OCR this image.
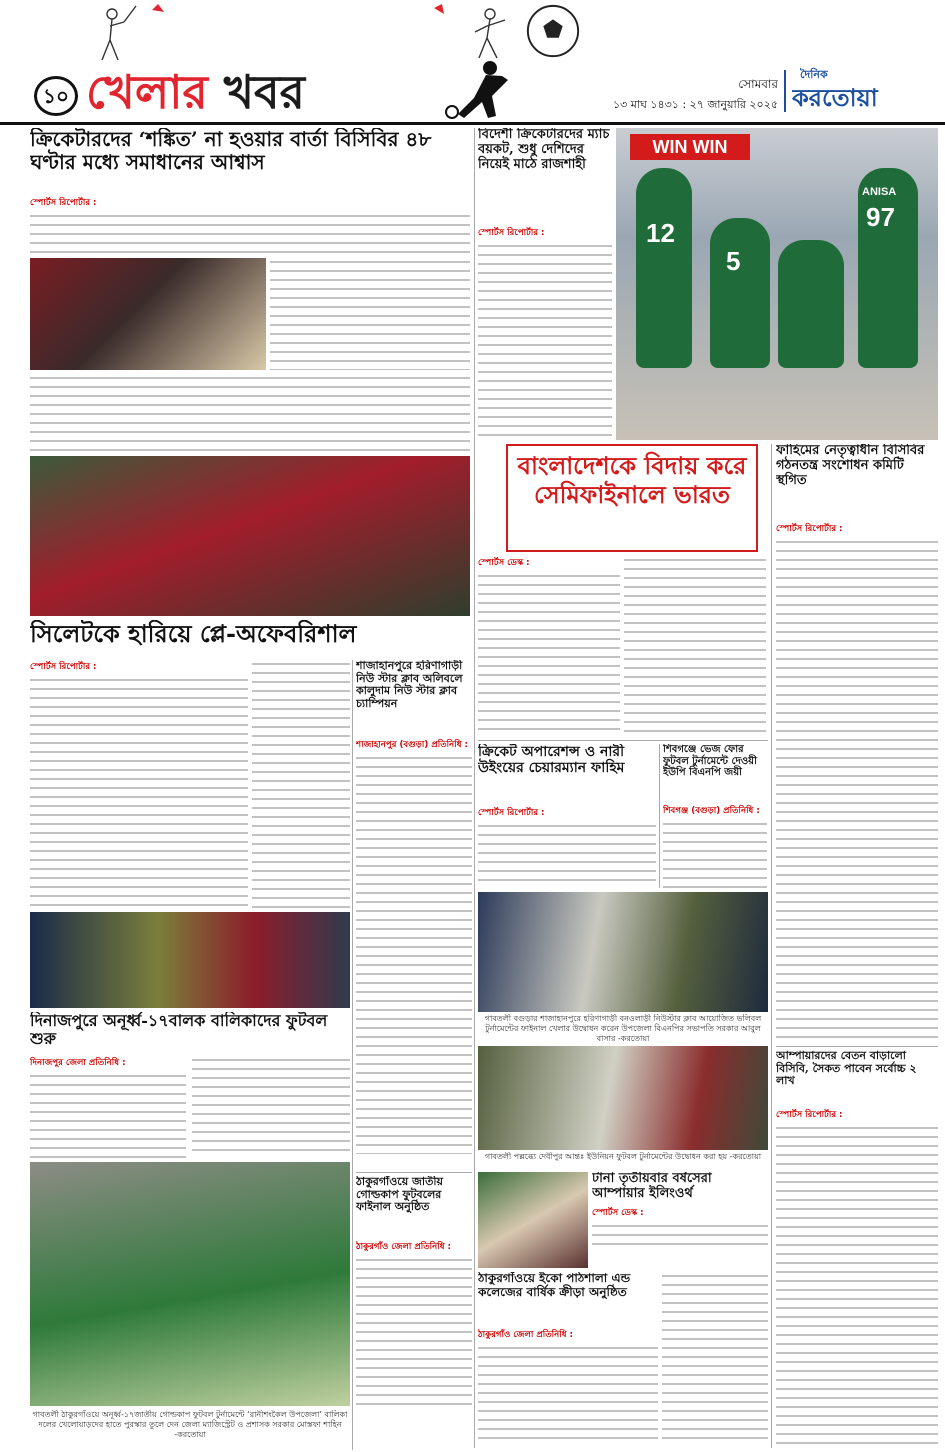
১০ খেলার খবর	সোমবার
১৩ মাঘ ১৪৩১ : ২৭ জানুয়ারি ২০২৫
দৈনিক
করতোয়া
ক্রিকেটারদের ‘শঙ্কিত’ না হওয়ার বার্তা বিসিবির ৪৮ ঘণ্টার মধ্যে সমাধানের আশ্বাস
স্পোর্টস রিপোর্টার :
সিলেটকে হারিয়ে প্লে-অফেবরিশাল
স্পোর্টস রিপোর্টার :
দিনাজপুরে অনূর্ধ্ব-১৭বালক বালিকাদের ফুটবল শুরু
দিনাজপুর জেলা প্রতিনিধি :
গাবতলী ঠাকুরগাঁওয়ে অনূর্ধ্ব-১৭জাতীয় গোল্ডকাপ ফুটবল টুর্নামেন্টে ‘রানীশংকৈল উপজেলা’ বালিকা দলের খেলোয়াড়দের হাতে পুরস্কার তুলে দেন জেলা ম্যাজিস্ট্রেট ও প্রশাসক সরকার মোস্তফা শাহিন -করতোয়া
শাজাহানপুরে হরিণাগাড়ী নিউ স্টার ক্লাব অলিবলে কালুদাম নিউ স্টার ক্লাব চ্যাম্পিয়ন
শাজাহানপুর (বগুড়া) প্রতিনিধি :
ঠাকুরগাঁওয়ে জাতীয় গোল্ডকাপ ফুটবলের ফাইনাল অনুষ্ঠিত
ঠাকুরগাঁও জেলা প্রতিনিধি :
বিদেশী ক্রিকেটারদের ম্যাচ বয়কট, শুধু দেশিদের নিয়েই মাঠে রাজশাহী
স্পোর্টস রিপোর্টার :
WIN WIN
12
5
ANISA
97
বাংলাদেশকে বিদায় করে সেমিফাইনালে ভারত
স্পোর্টস ডেস্ক :
ক্রিকেট অপারেশন্স ও নারী উইংয়ের চেয়ারম্যান ফাহিম
স্পোর্টস রিপোর্টার :
শিবগঞ্জে ভেজ ফোর ফুটবল টুর্নামেন্টে দেওয়ী ইউপি বিএনপি জয়ী
শিবগঞ্জ (বগুড়া) প্রতিনিধি :
গাবতলী বগুড়ার শাজাহানপুরে হরিণাগাড়ী বনওলাড়ী নিউস্টার ক্লাব আয়োজিত ভলিবল টুর্নামেন্টের ফাইনাল খেলার উদ্বোধন করেন উপজেলা বিএনপির সভাপতি সরকার আবুল বাসার -করতোয়া
গাবতলী পল্লব্ধ্যে দেবীপুর আন্তঃ ইউনিয়ন ফুটবল টুর্নামেন্টের উদ্বোধন করা হয় -করতোয়া
টানা তৃতীয়বার বর্ষসেরা আম্পায়ার ইলিংওর্থ
স্পোর্টস ডেস্ক :
ঠাকুরগাঁওয়ে ইকো পাঠশালা এন্ড কলেজের বার্ষিক ক্রীড়া অনুষ্ঠিত
ঠাকুরগাঁও জেলা প্রতিনিধি :
ফাহিমের নেতৃত্বাধীন বিসিবির গঠনতন্ত্র সংশোধন কমিটি স্থগিত
স্পোর্টস রিপোর্টার :
আম্পায়ারদের বেতন বাড়ালো বিসিবি, সৈকত পাবেন সর্বোচ্চ ২ লাখ
স্পোর্টস রিপোর্টার :
